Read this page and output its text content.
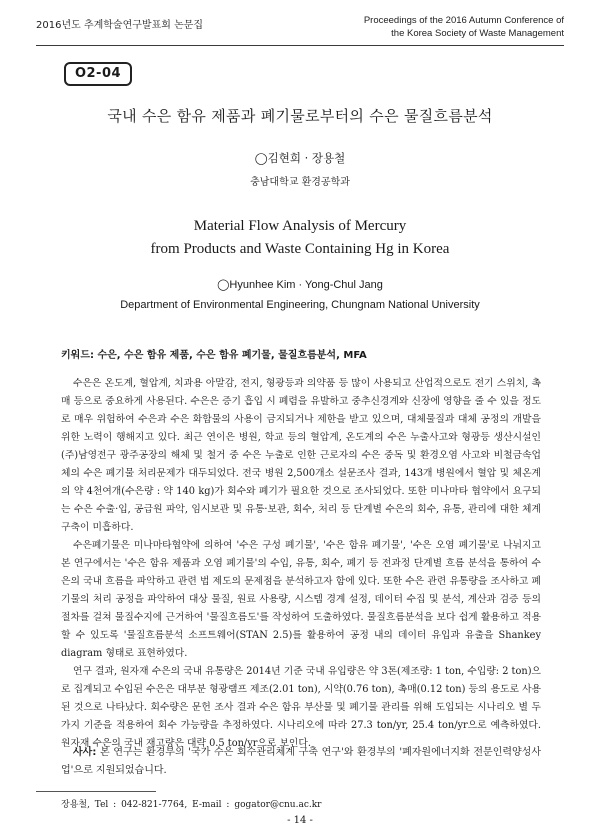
2016년도 추계학술연구발표회 논문집	Proceedings of the 2016 Autumn Conference of
the Korea Society of Waste Management
O2-04
국내 수은 함유 제품과 폐기물로부터의 수은 물질흐름분석
◯김현희 · 장용철
충남대학교 환경공학과
Material Flow Analysis of Mercury
from Products and Waste Containing Hg in Korea
◯Hyunhee Kim · Yong-Chul Jang
Department of Environmental Engineering, Chungnam National University
키워드: 수은, 수은 함유 제품, 수은 함유 폐기물, 물질흐름분석, MFA

수은은 온도계, 혈압계, 치과용 아말감, 전지, 형광등과 의약품 등 많이 사용되고 산업적으로도 전기 스위치, 촉매 등으로 중요하게 사용된다. 수은은 증기 흡입 시 폐렴을 유발하고 중추신경계와 신장에 영향을 줄 수 있을 정도로 매우 위험하여 수은과 수은 화합물의 사용이 금지되거나 제한을 받고 있으며, 대체물질과 대체 공정의 개발을 위한 노력이 행해지고 있다. 최근 연이은 병원, 학교 등의 혈압계, 온도계의 수은 누출사고와 형광등 생산시설인 (주)남영전구 광주공장의 해체 및 철거 중 수은 누출로 인한 근로자의 수은 중독 및 환경오염 사고와 비철금속업체의 수은 폐기물 처리문제가 대두되었다. 전국 병원 2,500개소 설문조사 결과, 143개 병원에서 혈압 및 체온계의 약 4천여개(수은량 : 약 140 kg)가 회수와 폐기가 필요한 것으로 조사되었다. 또한 미나마타 협약에서 요구되는 수은 수출·입, 공급원 파악, 임시보관 및 유통·보관, 회수, 처리 등 단계별 수은의 회수, 유통, 관리에 대한 체계 구축이 미흡하다.

수은폐기물은 미나마타협약에 의하여 '수은 구성 폐기물', '수은 함유 폐기물', '수은 오염 폐기물'로 나눠지고 본 연구에서는 '수은 함유 제품과 오염 폐기물'의 수입, 유통, 회수, 폐기 등 전과정 단계별 흐름 분석을 통하여 수은의 국내 흐름을 파악하고 관련 법 제도의 문제점을 분석하고자 함에 있다. 또한 수은 관련 유통량을 조사하고 폐기물의 처리 공정을 파악하여 대상 물질, 원료 사용량, 시스템 경계 설정, 데이터 수집 및 분석, 계산과 검증 등의 절차를 걸쳐 물질수지에 근거하여 '물질흐름도'를 작성하여 도출하였다. 물질흐름분석을 보다 쉽게 활용하고 적용할 수 있도록 '물질흐름분석 소프트웨어(STAN 2.5)를 활용하여 공정 내의 데이터 유입과 유출을 Shankey diagram 형태로 표현하였다.

연구 결과, 원자재 수은의 국내 유통량은 2014년 기준 국내 유입량은 약 3톤(제조량: 1 ton, 수입량: 2 ton)으로 집계되고 수입된 수은은 대부분 형광램프 제조(2.01 ton), 시약(0.76 ton), 촉매(0.12 ton) 등의 용도로 사용된 것으로 나타났다. 회수량은 문헌 조사 결과 수은 함유 부산물 및 폐기물 관리를 위해 도입되는 시나리오 별 두 가지 기준을 적용하여 회수 가능량을 추정하였다. 시나리오에 따라 27.3 ton/yr, 25.4 ton/yr으로 예측하였다. 원자재 수은의 국내 재고량은 대략 0.5 ton/yr으로 보인다.

사사: 본 연구는 환경부의 '국가 수은 회수관리체계 구축 연구'와 환경부의 '폐자원에너지화 전문인력양성사업'으로 지원되었습니다.
장용철, Tel : 042-821-7764, E-mail : gogator@cnu.ac.kr
- 14 -
